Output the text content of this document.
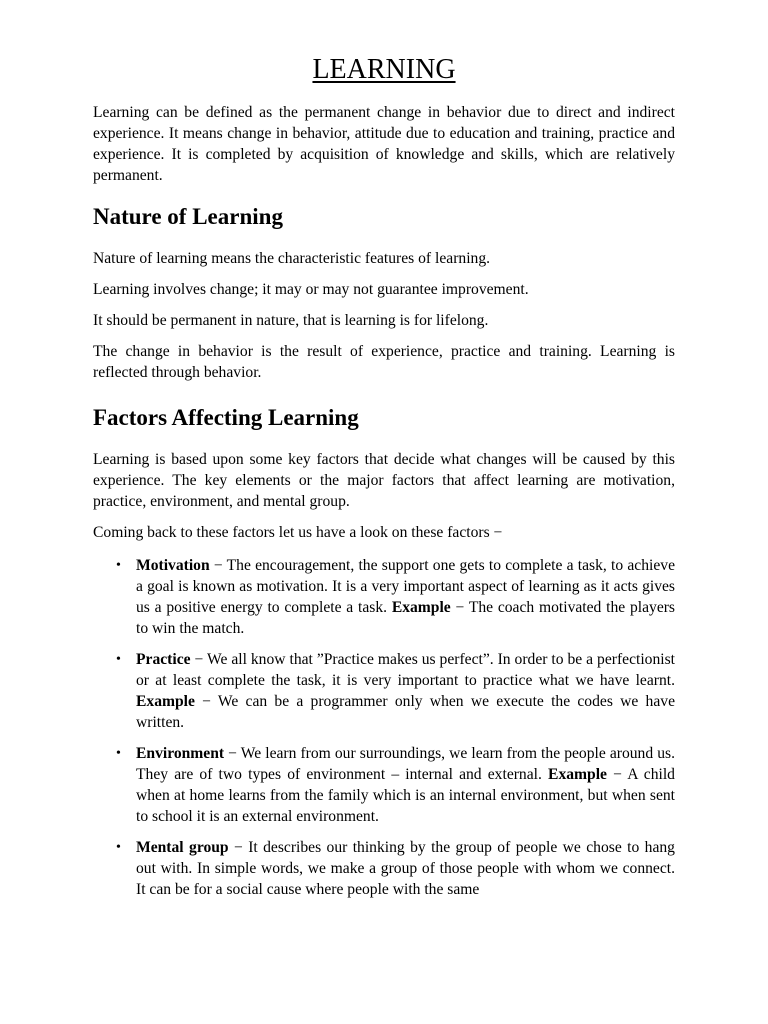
LEARNING

Learning can be defined as the permanent change in behavior due to direct and indirect experience. It means change in behavior, attitude due to education and training, practice and experience. It is completed by acquisition of knowledge and skills, which are relatively permanent.

Nature of Learning

Nature of learning means the characteristic features of learning.

Learning involves change; it may or may not guarantee improvement.

It should be permanent in nature, that is learning is for lifelong.

The change in behavior is the result of experience, practice and training. Learning is reflected through behavior.

Factors Affecting Learning

Learning is based upon some key factors that decide what changes will be caused by this experience. The key elements or the major factors that affect learning are motivation, practice, environment, and mental group.

Coming back to these factors let us have a look on these factors −

• Motivation − The encouragement, the support one gets to complete a task, to achieve a goal is known as motivation. It is a very important aspect of learning as it acts gives us a positive energy to complete a task. Example − The coach motivated the players to win the match.
• Practice − We all know that ”Practice makes us perfect”. In order to be a perfectionist or at least complete the task, it is very important to practice what we have learnt. Example − We can be a programmer only when we execute the codes we have written.
• Environment − We learn from our surroundings, we learn from the people around us. They are of two types of environment – internal and external. Example − A child when at home learns from the family which is an internal environment, but when sent to school it is an external environment.
• Mental group − It describes our thinking by the group of people we chose to hang out with. In simple words, we make a group of those people with whom we connect. It can be for a social cause where people with the same
